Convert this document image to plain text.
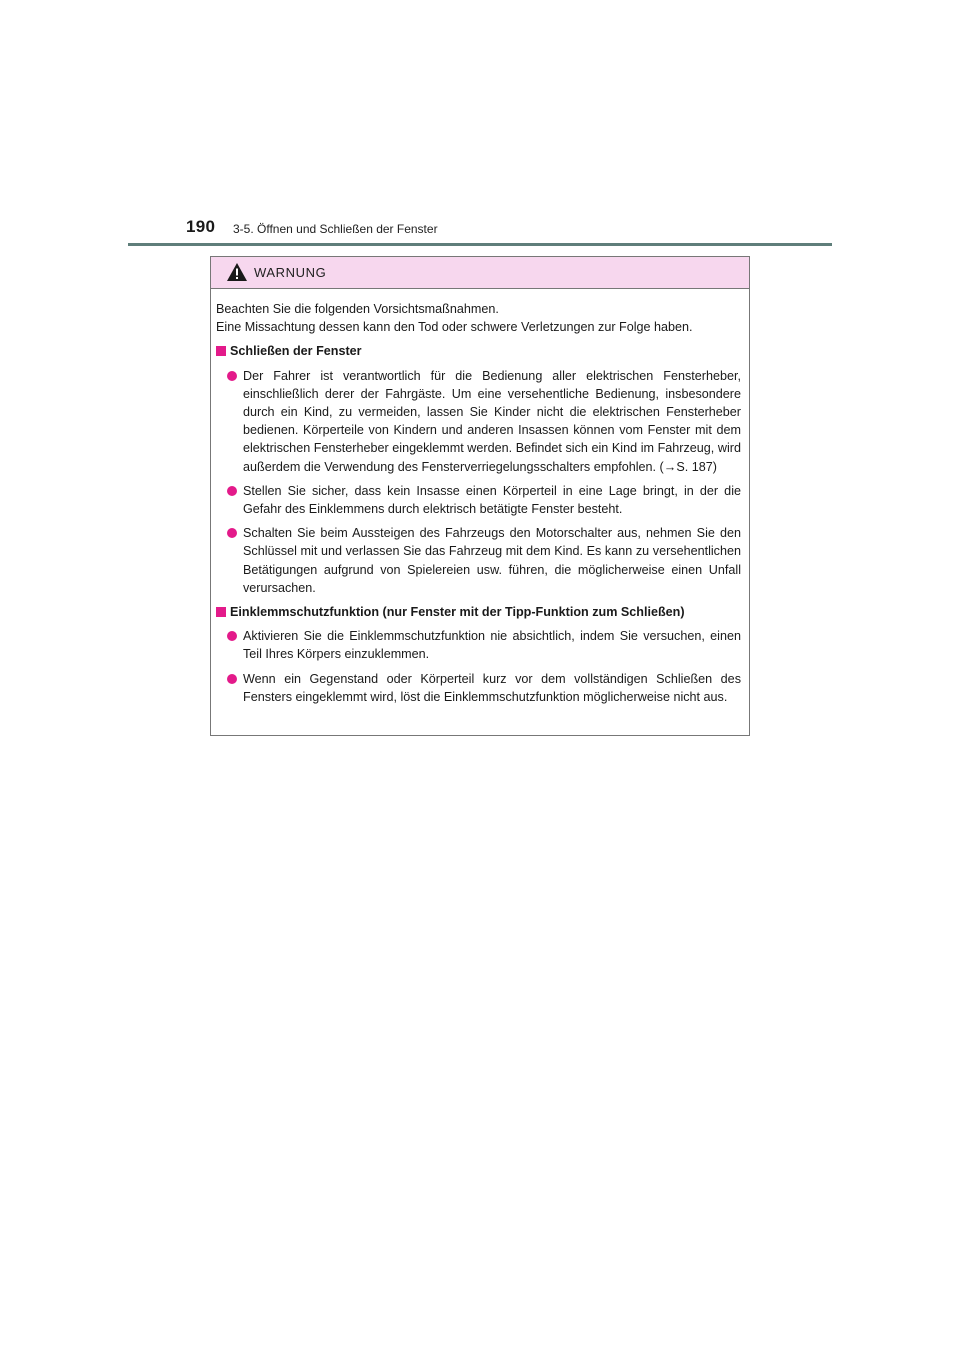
190 3-5. Öffnen und Schließen der Fenster
WARNUNG

Beachten Sie die folgenden Vorsichtsmaßnahmen.

Eine Missachtung dessen kann den Tod oder schwere Verletzungen zur Folge haben.

Schließen der Fenster

Der Fahrer ist verantwortlich für die Bedienung aller elektrischen Fensterheber, einschließlich derer der Fahrgäste. Um eine versehentliche Bedienung, insbesondere durch ein Kind, zu vermeiden, lassen Sie Kinder nicht die elektrischen Fensterheber bedienen. Körperteile von Kindern und anderen Insassen können vom Fenster mit dem elektrischen Fensterheber eingeklemmt werden. Befindet sich ein Kind im Fahrzeug, wird außerdem die Verwendung des Fensterverriegelungsschalters empfohlen. (→S. 187)

Stellen Sie sicher, dass kein Insasse einen Körperteil in eine Lage bringt, in der die Gefahr des Einklemmens durch elektrisch betätigte Fenster besteht.

Schalten Sie beim Aussteigen des Fahrzeugs den Motorschalter aus, nehmen Sie den Schlüssel mit und verlassen Sie das Fahrzeug mit dem Kind. Es kann zu versehentlichen Betätigungen aufgrund von Spielereien usw. führen, die möglicherweise einen Unfall verursachen.

Einklemmschutzfunktion (nur Fenster mit der Tipp-Funktion zum Schließen)

Aktivieren Sie die Einklemmschutzfunktion nie absichtlich, indem Sie versuchen, einen Teil Ihres Körpers einzuklemmen.

Wenn ein Gegenstand oder Körperteil kurz vor dem vollständigen Schließen des Fensters eingeklemmt wird, löst die Einklemmschutzfunktion möglicherweise nicht aus.
